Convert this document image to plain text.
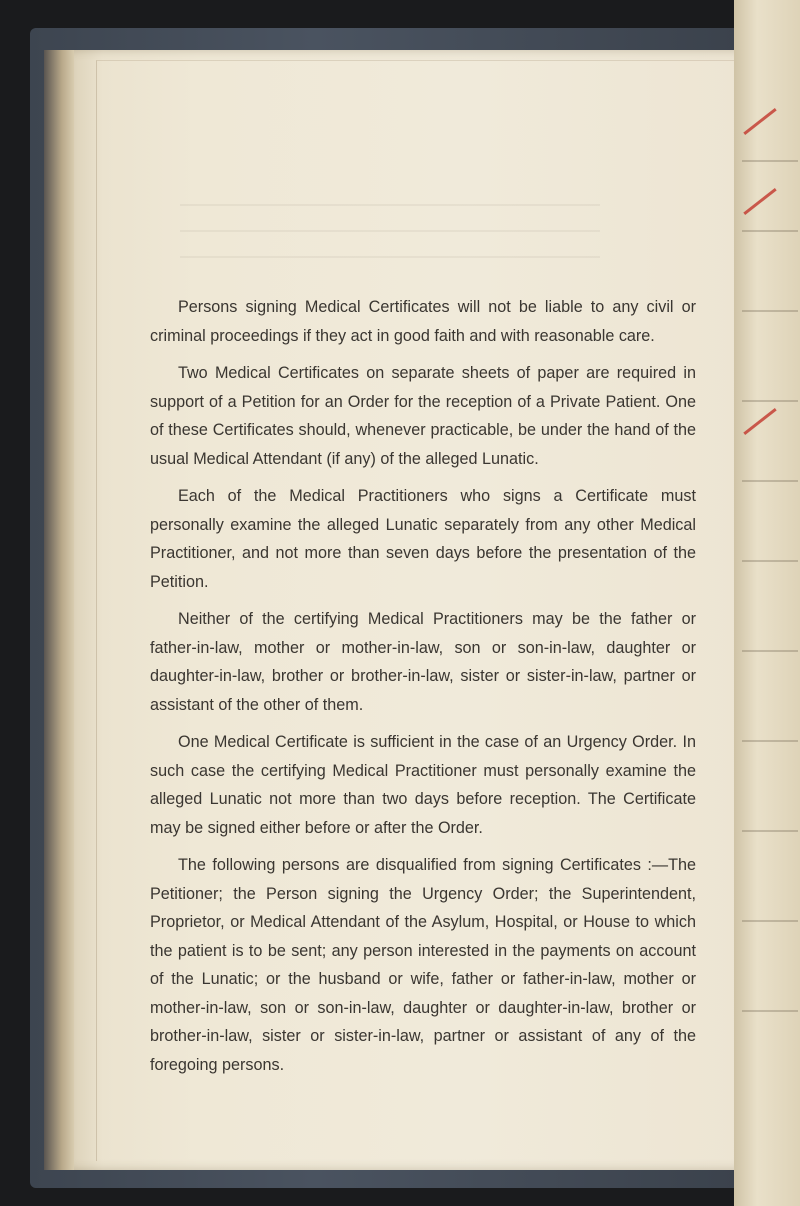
Persons signing Medical Certificates will not be liable to any civil or criminal proceedings if they act in good faith and with reasonable care.

Two Medical Certificates on separate sheets of paper are required in support of a Petition for an Order for the reception of a Private Patient. One of these Certificates should, whenever practicable, be under the hand of the usual Medical Attendant (if any) of the alleged Lunatic.

Each of the Medical Practitioners who signs a Certificate must personally examine the alleged Lunatic separately from any other Medical Practitioner, and not more than seven days before the presentation of the Petition.

Neither of the certifying Medical Practitioners may be the father or father-in-law, mother or mother-in-law, son or son-in-law, daughter or daughter-in-law, brother or brother-in-law, sister or sister-in-law, partner or assistant of the other of them.

One Medical Certificate is sufficient in the case of an Urgency Order. In such case the certifying Medical Practitioner must personally examine the alleged Lunatic not more than two days before reception. The Certificate may be signed either before or after the Order.

The following persons are disqualified from signing Certificates :—The Petitioner; the Person signing the Urgency Order; the Superintendent, Proprietor, or Medical Attendant of the Asylum, Hospital, or House to which the patient is to be sent; any person interested in the payments on account of the Lunatic; or the husband or wife, father or father-in-law, mother or mother-in-law, son or son-in-law, daughter or daughter-in-law, brother or brother-in-law, sister or sister-in-law, partner or assistant of any of the foregoing persons.
